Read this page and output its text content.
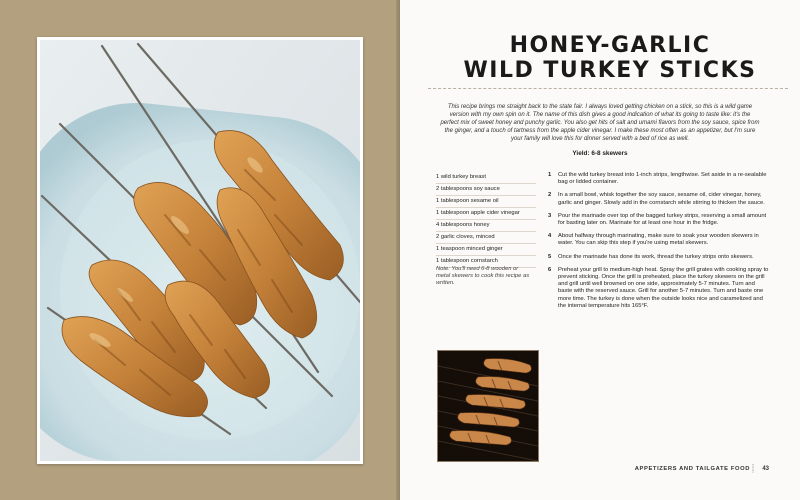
HONEY-GARLIC
WILD TURKEY STICKS

This recipe brings me straight back to the state fair. I always loved getting chicken on a stick, so this is a wild game version with my own spin on it. The name of this dish gives a good indication of what its going to taste like: it's the perfect mix of sweet honey and punchy garlic. You also get hits of salt and umami flavors from the soy sauce, spice from the ginger, and a touch of tartness from the apple cider vinegar. I make these most often as an appetizer, but I'm sure your family will love this for dinner served with a bed of rice as well.

Yield: 6-8 skewers
1 wild turkey breast
2 tablespoons soy sauce
1 tablespoon sesame oil
1 tablespoon apple cider vinegar
4 tablespoons honey
2 garlic cloves, minced
1 teaspoon minced ginger
1 tablespoon cornstarch

Note: You'll need 6-8 wooden or metal skewers to cook this recipe as written.

1 Cut the wild turkey breast into 1-inch strips, lengthwise. Set aside in a re-sealable bag or lidded container.
2 In a small bowl, whisk together the soy sauce, sesame oil, cider vinegar, honey, garlic and ginger. Slowly add in the cornstarch while stirring to thicken the sauce.
3 Pour the marinade over top of the bagged turkey strips, reserving a small amount for basting later on. Marinate for at least one hour in the fridge.
4 About halfway through marinating, make sure to soak your wooden skewers in water. You can skip this step if you're using metal skewers.
5 Once the marinade has done its work, thread the turkey strips onto skewers.
6 Preheat your grill to medium-high heat. Spray the grill grates with cooking spray to prevent sticking. Once the grill is preheated, place the turkey skewers on the grill and grill until well browned on one side, approximately 5-7 minutes. Turn and baste with the reserved sauce. Grill for another 5-7 minutes. Turn and baste one more time. The turkey is done when the outside looks nice and caramelized and the internal temperature hits 165°F.
APPETIZERS AND TAILGATE FOOD ⸽	43
